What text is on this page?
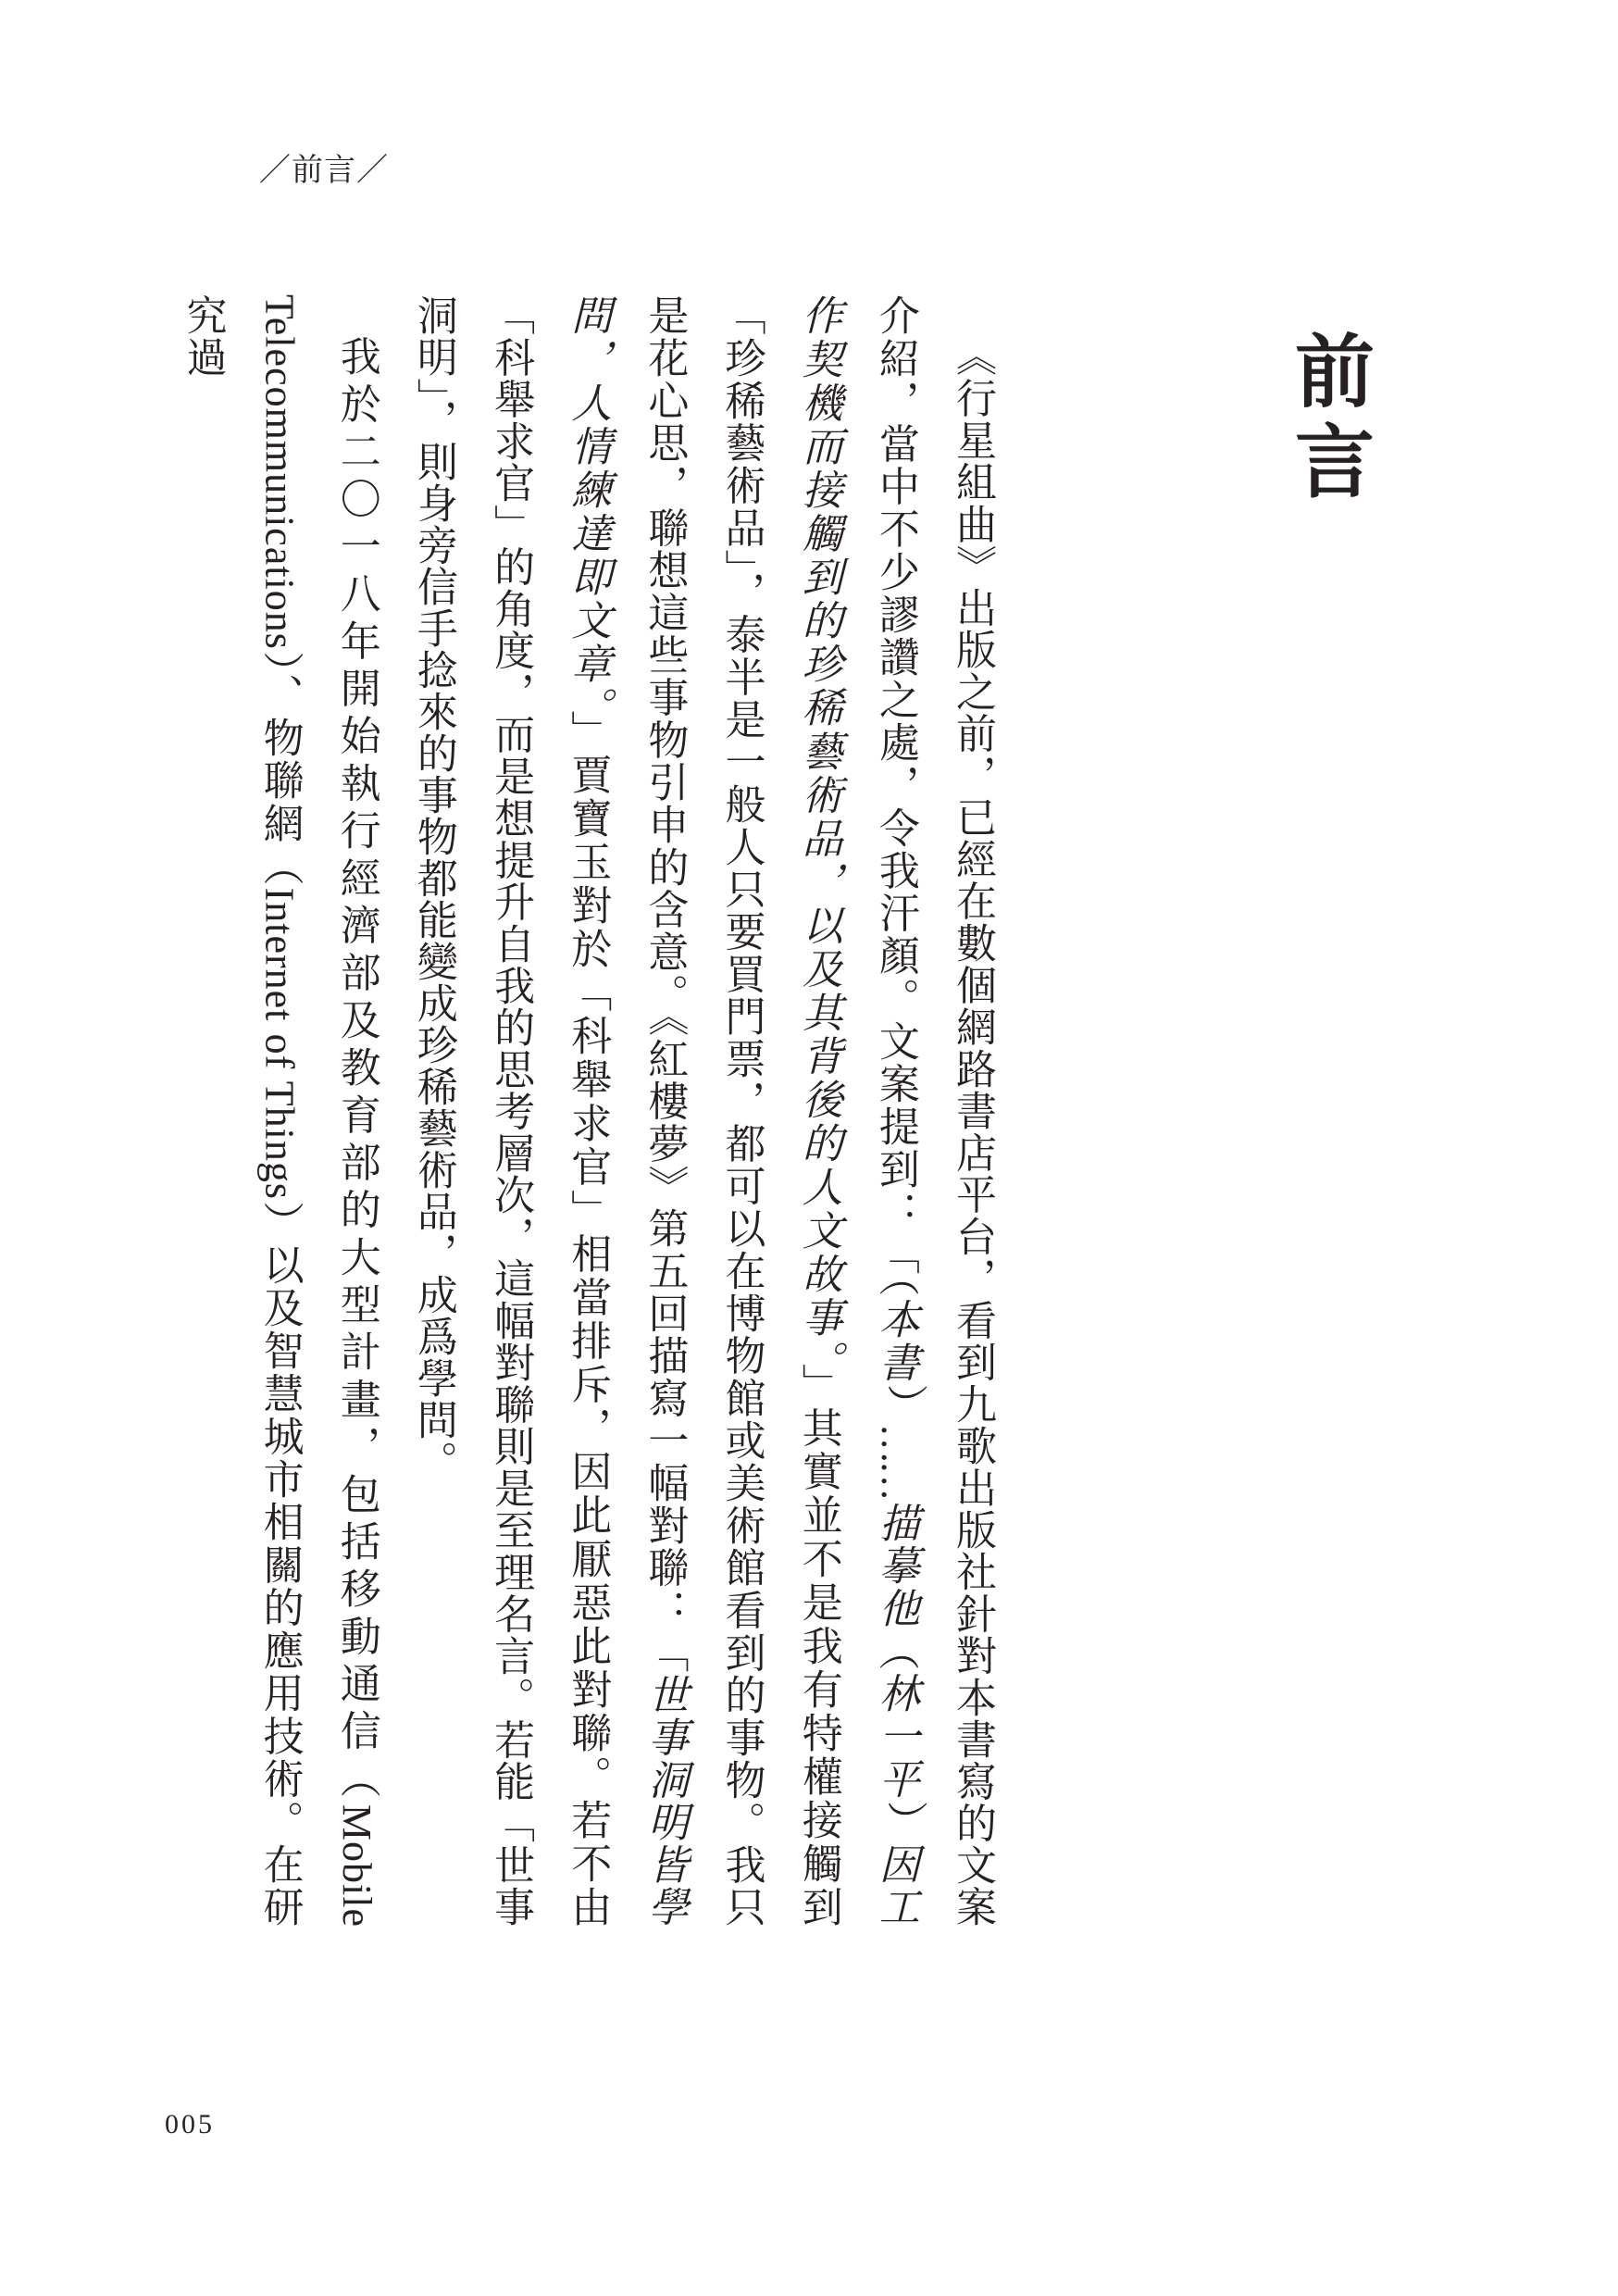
／前言／
前言

《行星組曲》出版之前，已經在數個網路書店平台，看到九歌出版社針對本書寫的文案介紹，當中不少謬讚之處，令我汗顏。文案提到：「（本書）……描摹他（林一平）因工作契機而接觸到的珍稀藝術品，以及其背後的人文故事。」其實並不是我有特權接觸到「珍稀藝術品」，泰半是一般人只要買門票，都可以在博物館或美術館看到的事物。我只是花心思，聯想這些事物引申的含意。《紅樓夢》第五回描寫一幅對聯：「世事洞明皆學問，人情練達即文章。」賈寶玉對於「科舉求官」相當排斥，因此厭惡此對聯。若不由「科舉求官」的角度，而是想提升自我的思考層次，這幅對聯則是至理名言。若能「世事洞明」，則身旁信手捻來的事物都能變成珍稀藝術品，成爲學問。

我於二〇一八年開始執行經濟部及教育部的大型計畫，包括移動通信（Mobile Telecommunications）、物聯網（Internet of Things）以及智慧城市相關的應用技術。在研究過

005
